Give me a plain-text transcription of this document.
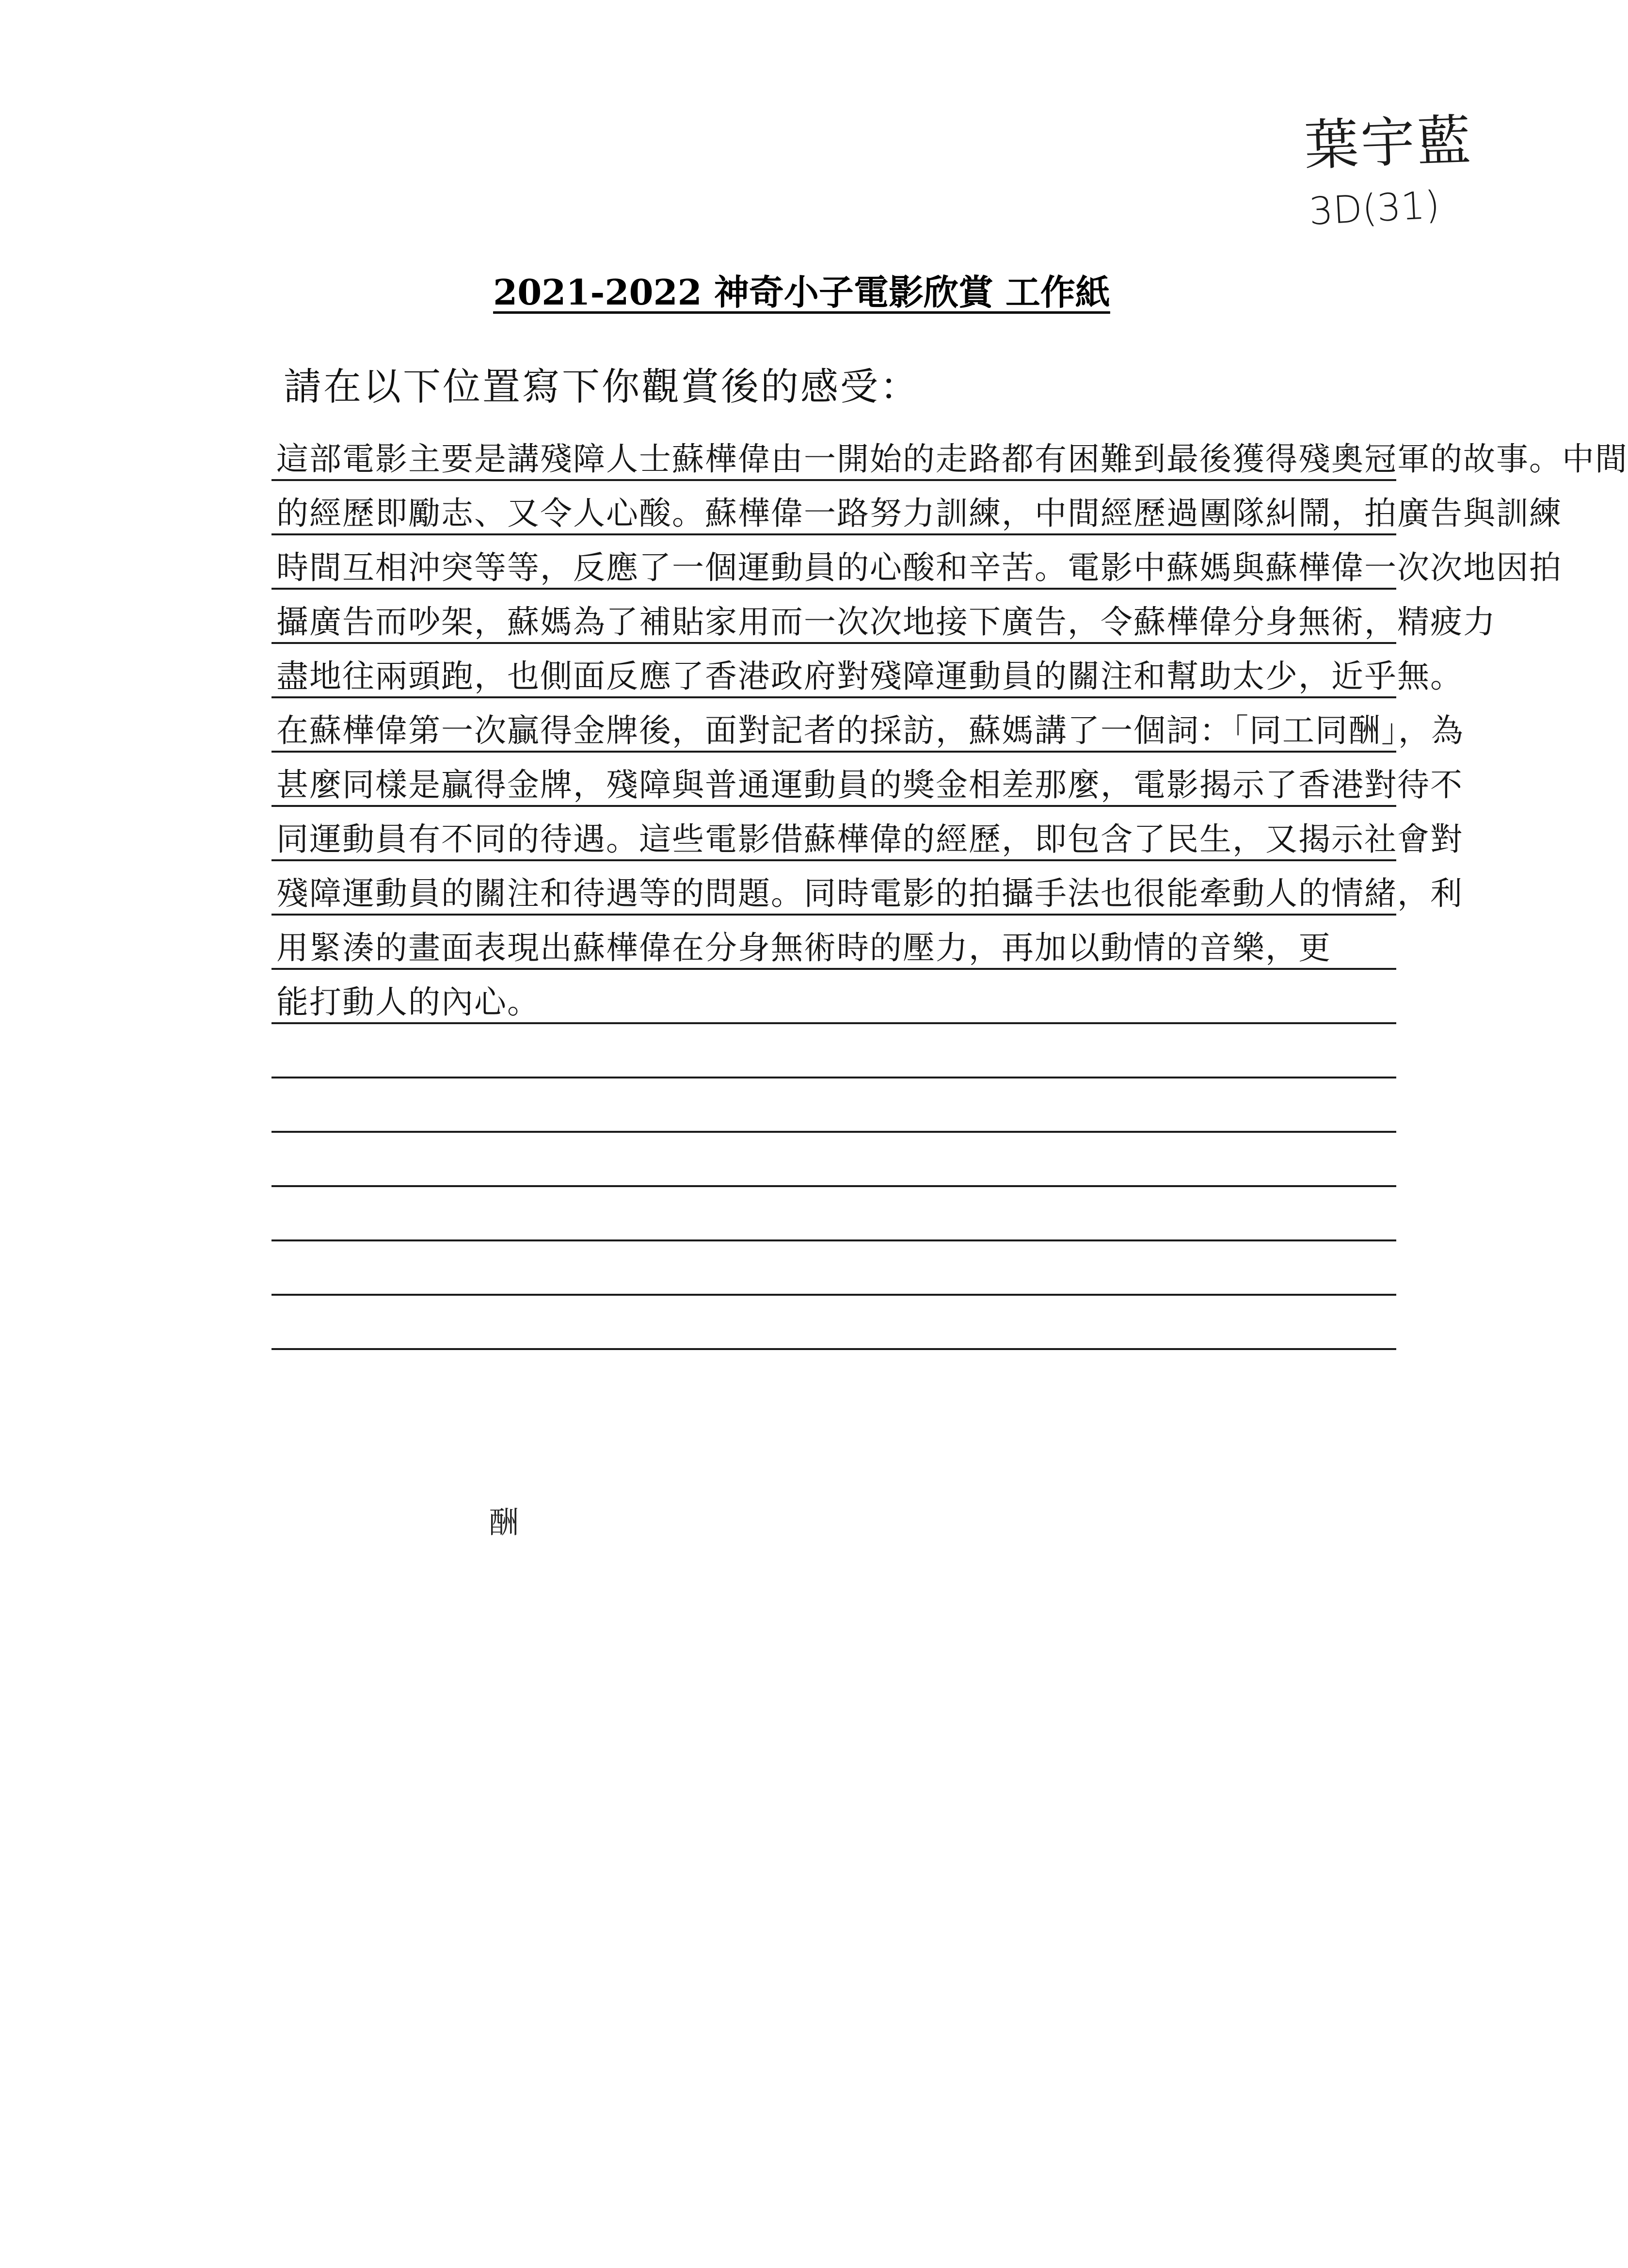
葉宇藍
3D(31)
2021-2022 神奇小子電影欣賞 工作紙
請在以下位置寫下你觀賞後的感受：
這部電影主要是講殘障人士蘇樺偉由一開始的走路都有困難到最後獲得殘奧冠軍的故事。中間
的經歷即勵志、又令人心酸。蘇樺偉一路努力訓練，中間經歷過團隊糾鬧，拍廣告與訓練
時間互相沖突等等，反應了一個運動員的心酸和辛苦。電影中蘇媽與蘇樺偉一次次地因拍
攝廣告而吵架，蘇媽為了補貼家用而一次次地接下廣告，令蘇樺偉分身無術，精疲力
盡地往兩頭跑，也側面反應了香港政府對殘障運動員的關注和幫助太少，近乎無。
在蘇樺偉第一次贏得金牌後，面對記者的採訪，蘇媽講了一個詞：「同工同酬」，為
甚麼同樣是贏得金牌，殘障與普通運動員的獎金相差那麼，電影揭示了香港對待不
同運動員有不同的待遇。這些電影借蘇樺偉的經歷，即包含了民生，又揭示社會對
殘障運動員的關注和待遇等的問題。同時電影的拍攝手法也很能牽動人的情緒，利
用緊湊的畫面表現出蘇樺偉在分身無術時的壓力，再加以動情的音樂，更
能打動人的內心。
酬
